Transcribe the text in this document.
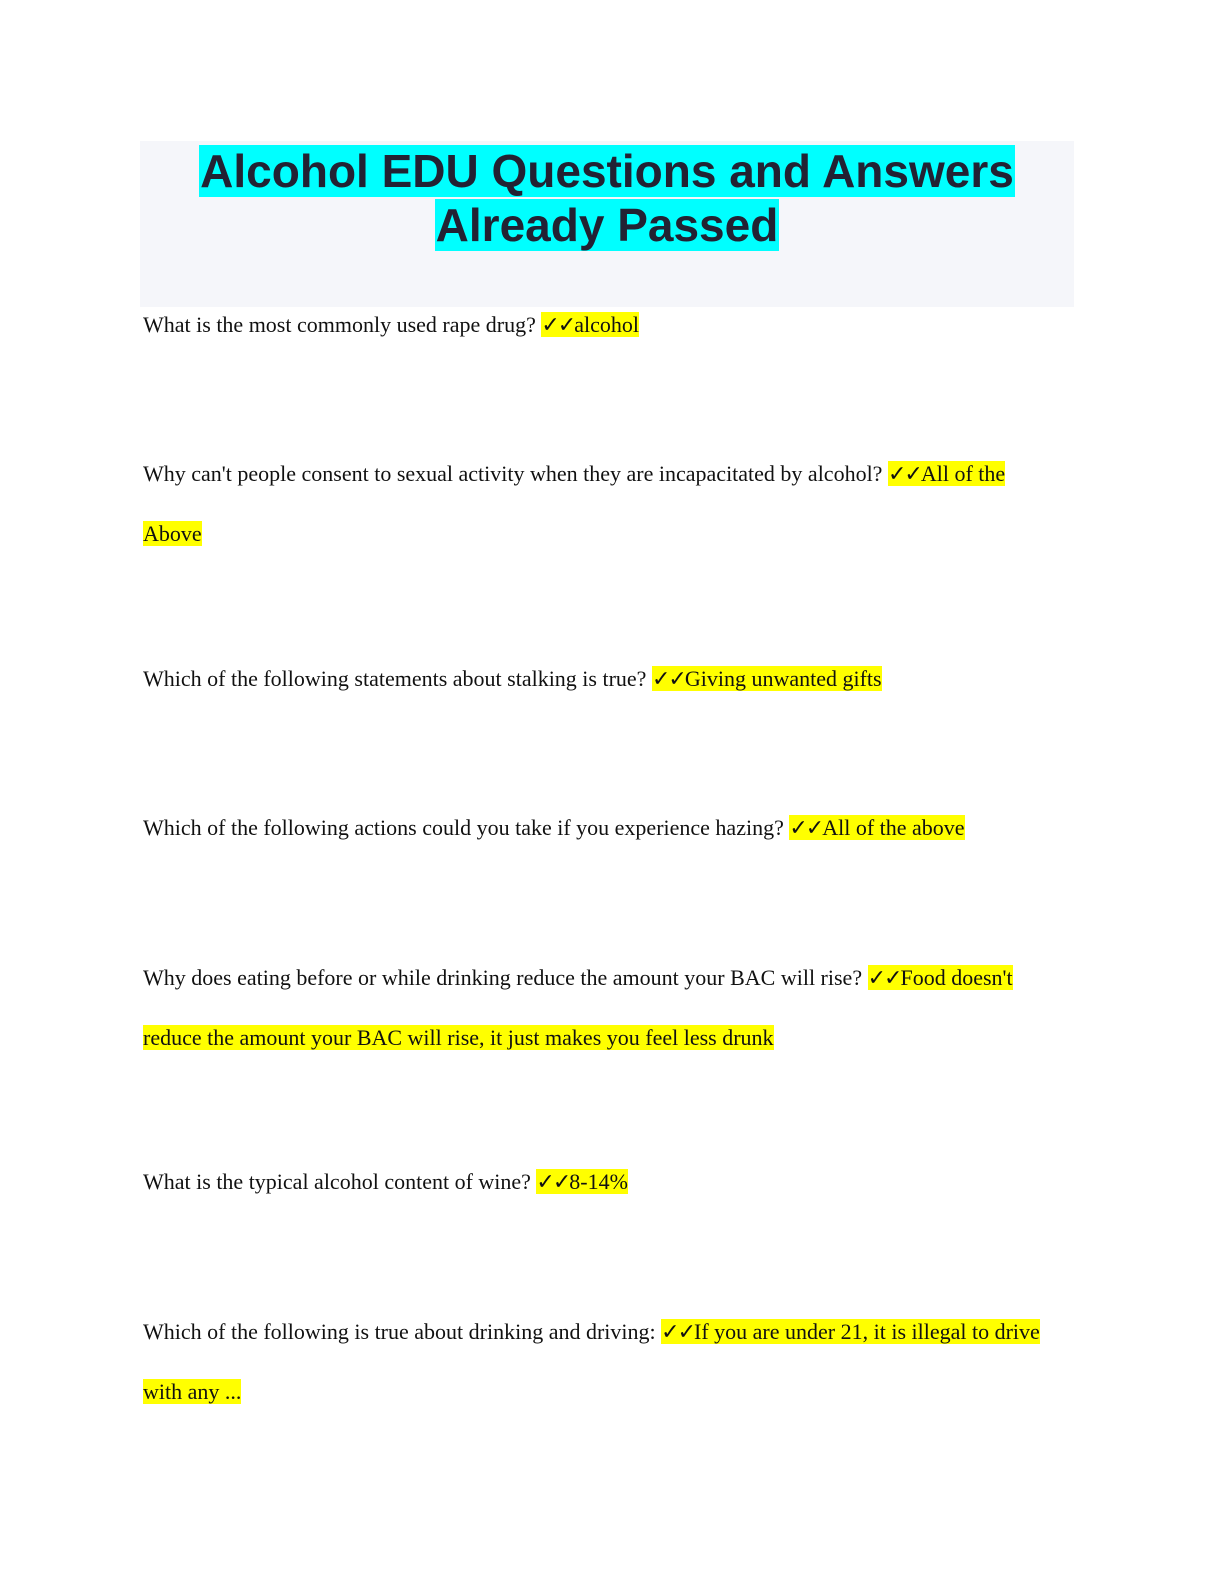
Alcohol EDU Questions and Answers
Already Passed

What is the most commonly used rape drug? ✓✓alcohol

Why can't people consent to sexual activity when they are incapacitated by alcohol? ✓✓All of the Above

Which of the following statements about stalking is true? ✓✓Giving unwanted gifts

Which of the following actions could you take if you experience hazing? ✓✓All of the above

Why does eating before or while drinking reduce the amount your BAC will rise? ✓✓Food doesn't reduce the amount your BAC will rise, it just makes you feel less drunk

What is the typical alcohol content of wine? ✓✓8-14%

Which of the following is true about drinking and driving: ✓✓If you are under 21, it is illegal to drive with any ...
